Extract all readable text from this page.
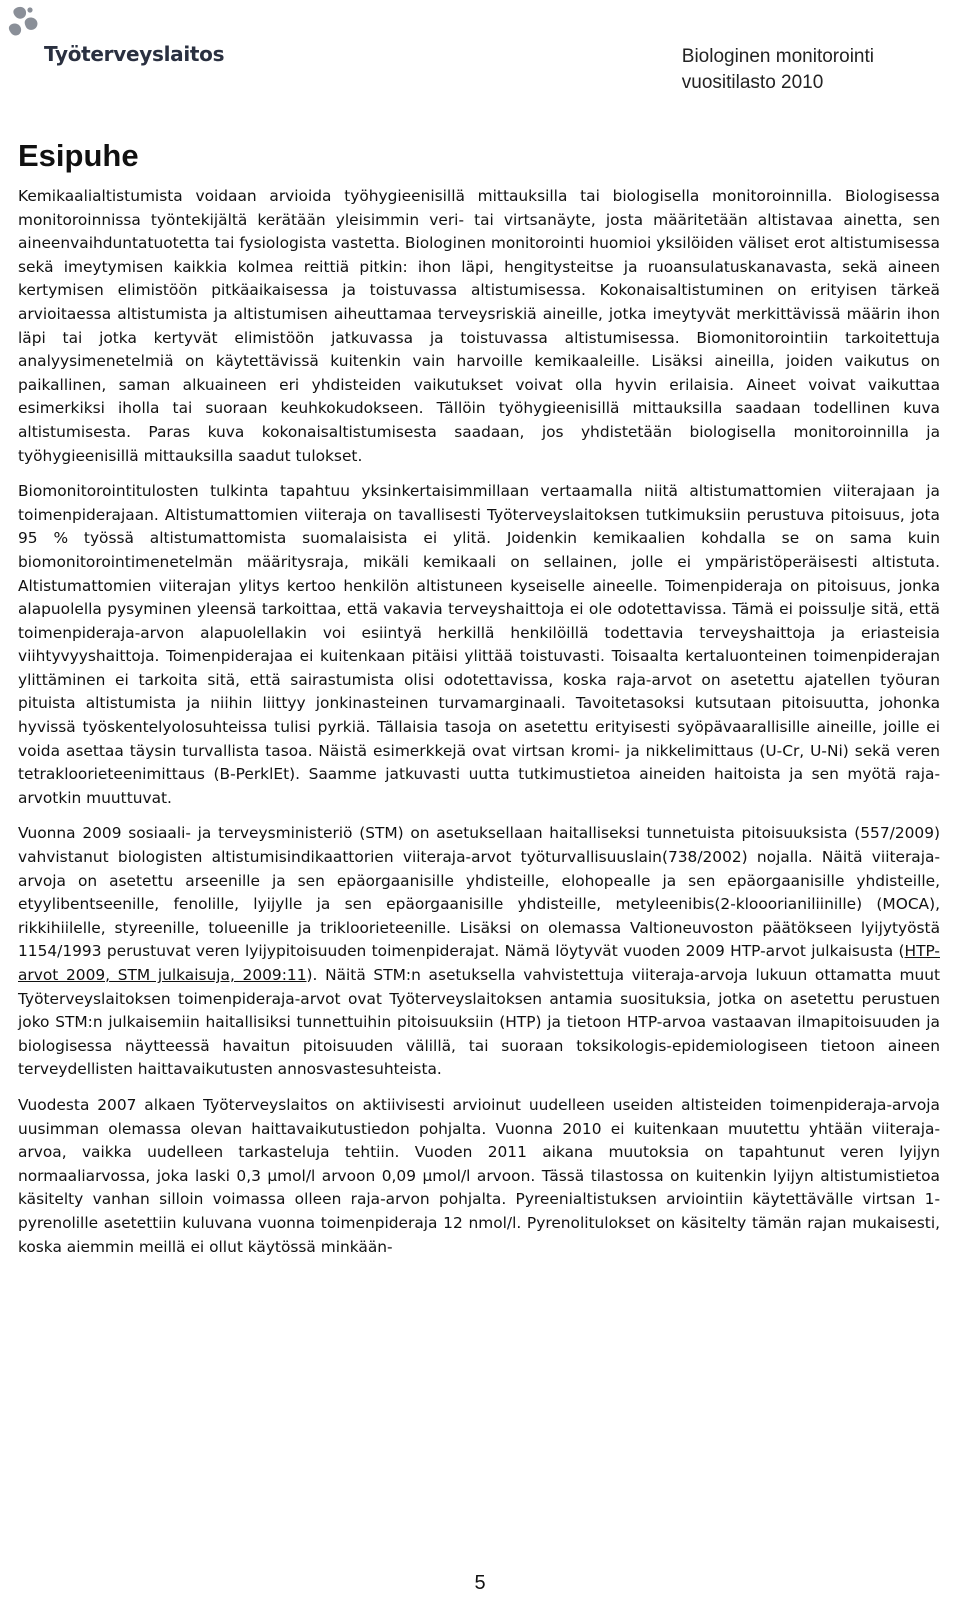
Työterveyslaitos	Biologinen monitorointi
vuositilasto 2010
Esipuhe

Kemikaalialtistumista voidaan arvioida työhygieenisillä mittauksilla tai biologisella monitoroinnilla. Biologisessa monitoroinnissa työntekijältä kerätään yleisimmin veri- tai virtsanäyte, josta määritetään altistavaa ainetta, sen aineenvaihduntatuotetta tai fysiologista vastetta. Biologinen monitorointi huomioi yksilöiden väliset erot altistumisessa sekä imeytymisen kaikkia kolmea reittiä pitkin: ihon läpi, hengitysteitse ja ruoansulatuskanavasta, sekä aineen kertymisen elimistöön pitkäaikaisessa ja toistuvassa altistumisessa. Kokonaisaltistuminen on erityisen tärkeä arvioitaessa altistumista ja altistumisen aiheuttamaa terveysriskiä aineille, jotka imeytyvät merkittävissä määrin ihon läpi tai jotka kertyvät elimistöön jatkuvassa ja toistuvassa altistumisessa. Biomonitorointiin tarkoitettuja analyysimenetelmiä on käytettävissä kuitenkin vain harvoille kemikaaleille. Lisäksi aineilla, joiden vaikutus on paikallinen, saman alkuaineen eri yhdisteiden vaikutukset voivat olla hyvin erilaisia. Aineet voivat vaikuttaa esimerkiksi iholla tai suoraan keuhkokudokseen. Tällöin työhygieenisillä mittauksilla saadaan todellinen kuva altistumisesta. Paras kuva kokonaisaltistumisesta saadaan, jos yhdistetään biologisella monitoroinnilla ja työhygieenisillä mittauksilla saadut tulokset.

Biomonitorointitulosten tulkinta tapahtuu yksinkertaisimmillaan vertaamalla niitä altistumattomien viiterajaan ja toimenpiderajaan. Altistumattomien viiteraja on tavallisesti Työterveyslaitoksen tutkimuksiin perustuva pitoisuus, jota 95 % työssä altistumattomista suomalaisista ei ylitä. Joidenkin kemikaalien kohdalla se on sama kuin biomonitorointimenetelmän määritysraja, mikäli kemikaali on sellainen, jolle ei ympäristöperäisesti altistuta. Altistumattomien viiterajan ylitys kertoo henkilön altistuneen kyseiselle aineelle. Toimenpideraja on pitoisuus, jonka alapuolella pysyminen yleensä tarkoittaa, että vakavia terveyshaittoja ei ole odotettavissa. Tämä ei poissulje sitä, että toimenpideraja-arvon alapuolellakin voi esiintyä herkillä henkilöillä todettavia terveyshaittoja ja eriasteisia viihtyvyyshaittoja. Toimenpiderajaa ei kuitenkaan pitäisi ylittää toistuvasti. Toisaalta kertaluonteinen toimenpiderajan ylittäminen ei tarkoita sitä, että sairastumista olisi odotettavissa, koska raja-arvot on asetettu ajatellen työuran pituista altistumista ja niihin liittyy jonkinasteinen turvamarginaali. Tavoitetasoksi kutsutaan pitoisuutta, johonka hyvissä työskentelyolosuhteissa tulisi pyrkiä. Tällaisia tasoja on asetettu erityisesti syöpävaarallisille aineille, joille ei voida asettaa täysin turvallista tasoa. Näistä esimerkkejä ovat virtsan kromi- ja nikkelimittaus (U-Cr, U-Ni) sekä veren tetrakloorieteenimittaus (B-PerklEt). Saamme jatkuvasti uutta tutkimustietoa aineiden haitoista ja sen myötä raja-arvotkin muuttuvat.

Vuonna 2009 sosiaali- ja terveysministeriö (STM) on asetuksellaan haitalliseksi tunnetuista pitoisuuksista (557/2009) vahvistanut biologisten altistumisindikaattorien viiteraja-arvot työturvallisuuslain(738/2002) nojalla. Näitä viiteraja-arvoja on asetettu arseenille ja sen epäorgaanisille yhdisteille, elohopealle ja sen epäorgaanisille yhdisteille, etyylibentseenille, fenolille, lyijylle ja sen epäorgaanisille yhdisteille, metyleenibis(2-klooorianiliinille) (MOCA), rikkihiilelle, styreenille, tolueenille ja trikloorieteenille. Lisäksi on olemassa Valtioneuvoston päätökseen lyijytyöstä 1154/1993 perustuvat veren lyijypitoisuuden toimenpiderajat. Nämä löytyvät vuoden 2009 HTP-arvot julkaisusta (HTP-arvot 2009, STM julkaisuja, 2009:11). Näitä STM:n asetuksella vahvistettuja viiteraja-arvoja lukuun ottamatta muut Työterveyslaitoksen toimenpideraja-arvot ovat Työterveyslaitoksen antamia suosituksia, jotka on asetettu perustuen joko STM:n julkaisemiin haitallisiksi tunnettuihin pitoisuuksiin (HTP) ja tietoon HTP-arvoa vastaavan ilmapitoisuuden ja biologisessa näytteessä havaitun pitoisuuden välillä, tai suoraan toksikologis-epidemiologiseen tietoon aineen terveydellisten haittavaikutusten annosvastesuhteista.

Vuodesta 2007 alkaen Työterveyslaitos on aktiivisesti arvioinut uudelleen useiden altisteiden toimenpideraja-arvoja uusimman olemassa olevan haittavaikutustiedon pohjalta. Vuonna 2010 ei kuitenkaan muutettu yhtään viiteraja-arvoa, vaikka uudelleen tarkasteluja tehtiin. Vuoden 2011 aikana muutoksia on tapahtunut veren lyijyn normaaliarvossa, joka laski 0,3 µmol/l arvoon 0,09 µmol/l arvoon. Tässä tilastossa on kuitenkin lyijyn altistumistietoa käsitelty vanhan silloin voimassa olleen raja-arvon pohjalta. Pyreenialtistuksen arviointiin käytettävälle virtsan 1-pyrenolille asetettiin kuluvana vuonna toimenpideraja 12 nmol/l. Pyrenolitulokset on käsitelty tämän rajan mukaisesti, koska aiemmin meillä ei ollut käytössä minkään-

5
